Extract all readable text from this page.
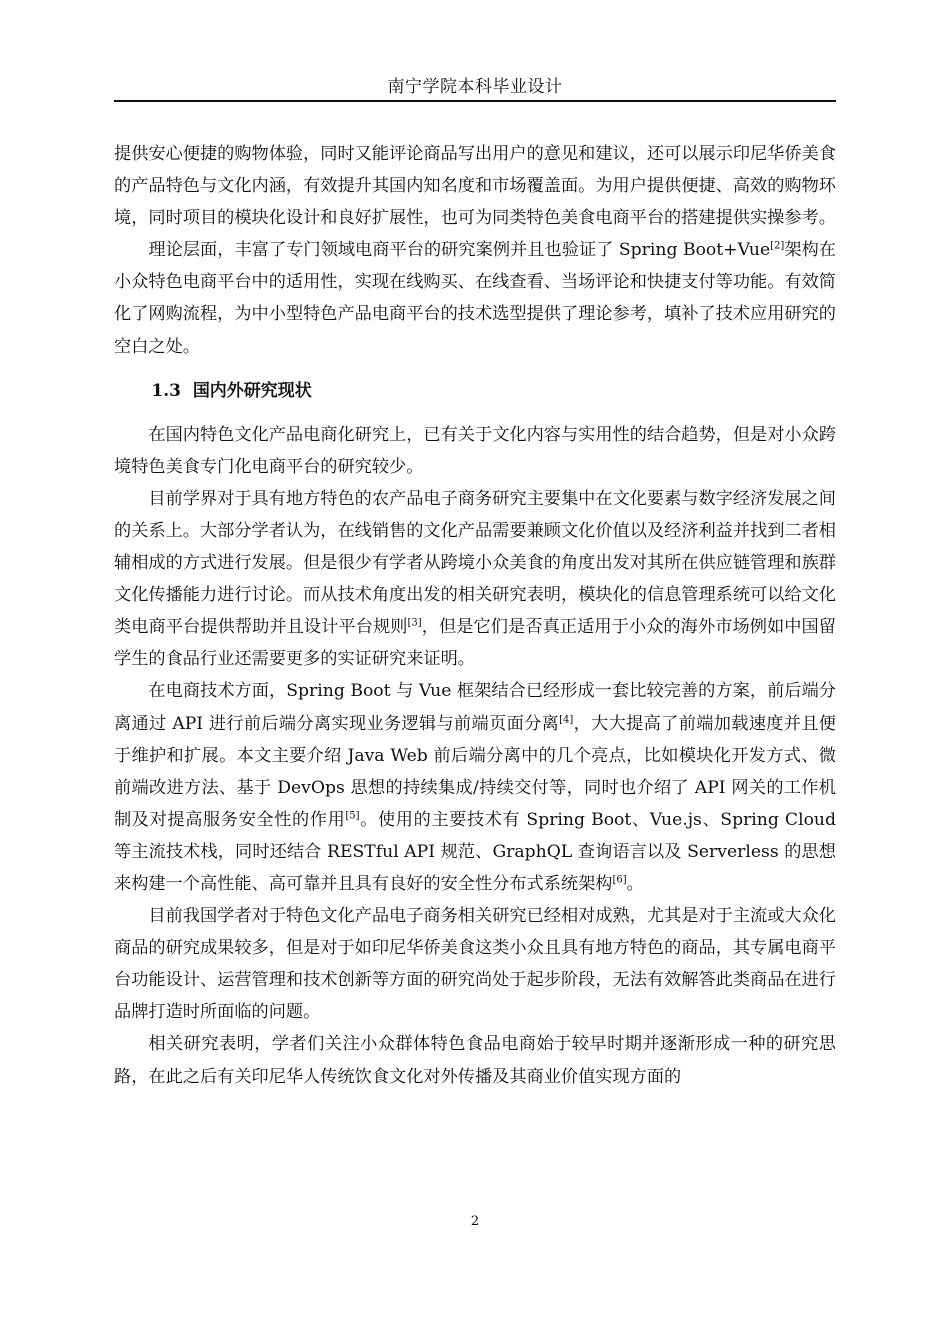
南宁学院本科毕业设计

提供安心便捷的购物体验，同时又能评论商品写出用户的意见和建议，还可以展示印尼华侨美食的产品特色与文化内涵，有效提升其国内知名度和市场覆盖面。为用户提供便捷、高效的购物环境，同时项目的模块化设计和良好扩展性，也可为同类特色美食电商平台的搭建提供实操参考。

理论层面，丰富了专门领域电商平台的研究案例并且也验证了 Spring Boot+Vue[2]架构在小众特色电商平台中的适用性，实现在线购买、在线查看、当场评论和快捷支付等功能。有效简化了网购流程，为中小型特色产品电商平台的技术选型提供了理论参考，填补了技术应用研究的空白之处。

1.3 国内外研究现状

在国内特色文化产品电商化研究上，已有关于文化内容与实用性的结合趋势，但是对小众跨境特色美食专门化电商平台的研究较少。

目前学界对于具有地方特色的农产品电子商务研究主要集中在文化要素与数字经济发展之间的关系上。大部分学者认为，在线销售的文化产品需要兼顾文化价值以及经济利益并找到二者相辅相成的方式进行发展。但是很少有学者从跨境小众美食的角度出发对其所在供应链管理和族群文化传播能力进行讨论。而从技术角度出发的相关研究表明，模块化的信息管理系统可以给文化类电商平台提供帮助并且设计平台规则[3]，但是它们是否真正适用于小众的海外市场例如中国留学生的食品行业还需要更多的实证研究来证明。

在电商技术方面，Spring Boot 与 Vue 框架结合已经形成一套比较完善的方案，前后端分离通过 API 进行前后端分离实现业务逻辑与前端页面分离[4]，大大提高了前端加载速度并且便于维护和扩展。本文主要介绍 Java Web 前后端分离中的几个亮点，比如模块化开发方式、微前端改进方法、基于 DevOps 思想的持续集成/持续交付等，同时也介绍了 API 网关的工作机制及对提高服务安全性的作用[5]。使用的主要技术有 Spring Boot、Vue.js、Spring Cloud 等主流技术栈，同时还结合 RESTful API 规范、GraphQL 查询语言以及 Serverless 的思想来构建一个高性能、高可靠并且具有良好的安全性分布式系统架构[6]。

目前我国学者对于特色文化产品电子商务相关研究已经相对成熟，尤其是对于主流或大众化商品的研究成果较多，但是对于如印尼华侨美食这类小众且具有地方特色的商品，其专属电商平台功能设计、运营管理和技术创新等方面的研究尚处于起步阶段，无法有效解答此类商品在进行品牌打造时所面临的问题。

相关研究表明，学者们关注小众群体特色食品电商始于较早时期并逐渐形成一种的研究思路，在此之后有关印尼华人传统饮食文化对外传播及其商业价值实现方面的

2
